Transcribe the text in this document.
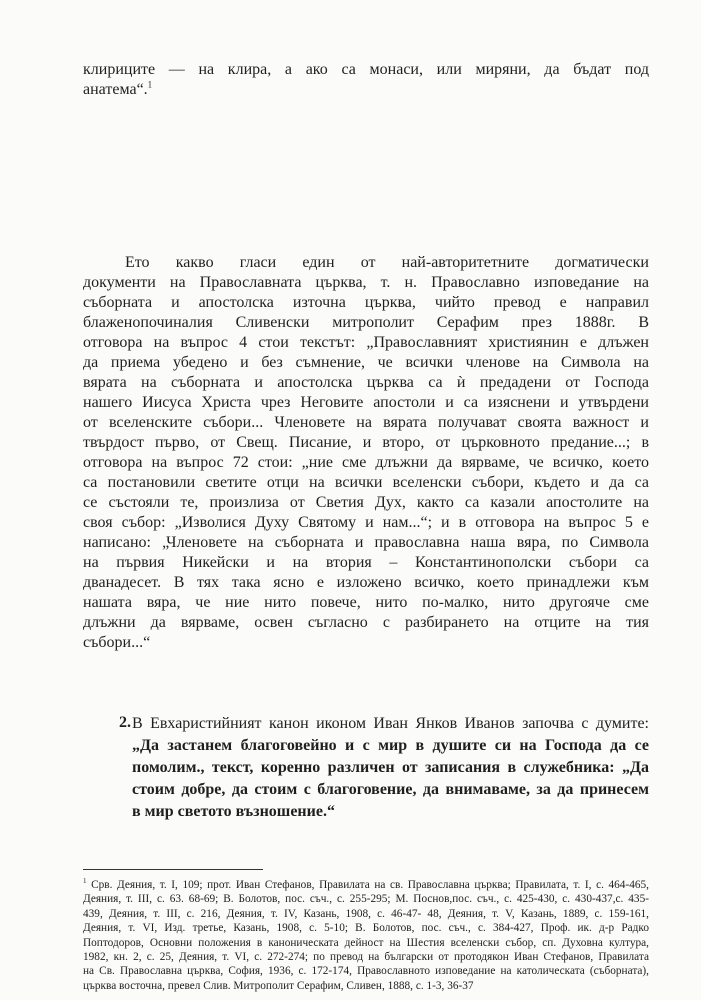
клириците — на клира, а ако са монаси, или миряни, да бъдат под
анатема“.$^1$
Ето какво гласи един от най-авторитетните догматически
документи на Православната църква, т. н. Православно изповедание на
съборната и апостолска източна църква, чийто превод е направил
блаженопочиналия Сливенски митрополит Серафим през 1888г. В
отговора на въпрос 4 стои текстът: „Православният християнин е длъжен
да приема убедено и без съмнение, че всички членове на Символа на
вярата на съборната и апостолска църква са ѝ предадени от Господа
нашего Иисуса Христа чрез Неговите апостоли и са изяснени и утвърдени
от вселенските събори... Членовете на вярата получават своята важност и
твърдост първо, от Свещ. Писание, и второ, от църковното предание...; в
отговора на въпрос 72 стои: „ние сме длъжни да вярваме, че всичко, което
са постановили светите отци на всички вселенски събори, където и да са
се състояли те, произлиза от Светия Дух, както са казали апостолите на
своя събор: „Изволися Духу Святому и нам...“; и в отговора на въпрос 5 е
написано: „Членовете на съборната и православна наша вяра, по Символа
на първия Никейски и на втория – Константинополски събори са
дванадесет. В тях така ясно е изложено всичко, което принадлежи към
нашата вяра, че ние нито повече, нито по-малко, нито другояче сме
длъжни да вярваме, освен съгласно с разбирането на отците на тия
събори...“
2. В Евхаристийният канон иконом Иван Янков Иванов започва с думите:
„Да застанем благоговейно и с мир в душите си на Господа да се
помолим., текст, коренно различен от записания в служебника: „Да
стоим добре, да стоим с благоговение, да внимаваме, за да принесем
в мир светото възношение.“
$^1$ Срв. Деяния, т. I, 109; прот. Иван Стефанов, Правилата на св. Православна църква; Правилата, т. I, с. 464-465,
Деяния, т. III, с. 63. 68-69; В. Болотов, пос. съч., с. 255-295; М. Поснов,пос. съч., с. 425-430, с. 430-437,с. 435-
439, Деяния, т. III, с. 216, Деяния, т. IV, Казань, 1908, с. 46-47- 48, Деяния, т. V, Казань, 1889, с. 159-161,
Деяния, т. VI, Изд. третье, Казань, 1908, с. 5-10; В. Болотов, пос. съч., с. 384-427, Проф. ик. д-р Радко
Поптодоров, Основни положения в каноническата дейност на Шестия вселенски събор, сп. Духовна култура,
1982, кн. 2, с. 25, Деяния, т. VI, с. 272-274; по превод на български от протодякон Иван Стефанов, Правилата
на Св. Православна църква, София, 1936, с. 172-174, Православното изповедание на католическата (съборната),
църква восточна, превел Слив. Митрополит Серафим, Сливен, 1888, с. 1-3, 36-37
